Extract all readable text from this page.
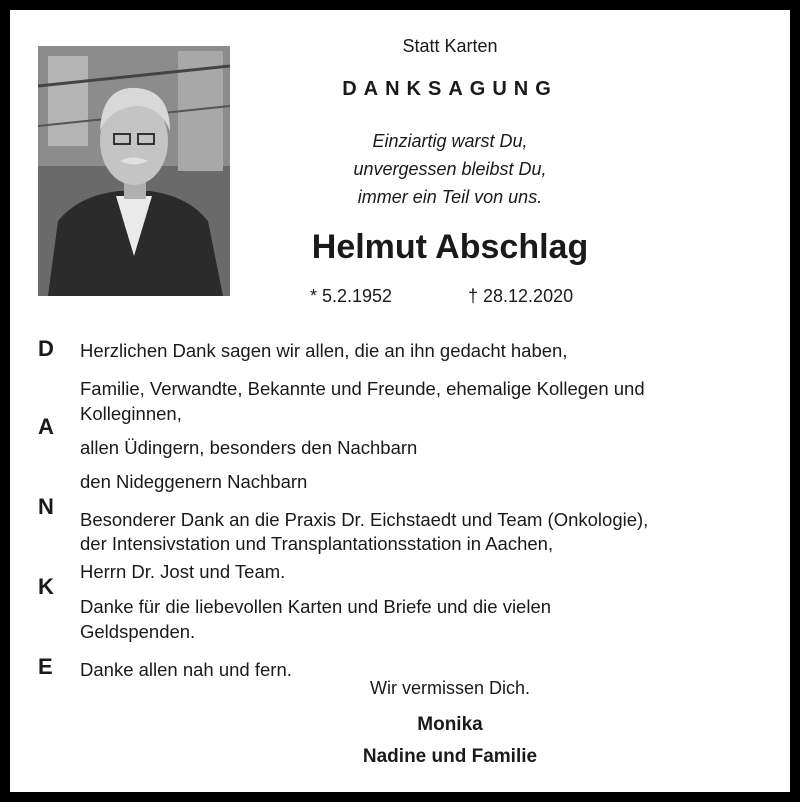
Statt Karten
DANKSAGUNG
Einziartig warst Du,
unvergessen bleibst Du,
immer ein Teil von uns.
Helmut Abschlag
* 5.2.1952	† 28.12.2020
D
A
N
K
E
Herzlichen Dank sagen wir allen, die an ihn gedacht haben,
Familie, Verwandte, Bekannte und Freunde, ehemalige Kollegen und
Kolleginnen,
allen Üdingern, besonders den Nachbarn
den Nideggenern Nachbarn
Besonderer Dank an die Praxis Dr. Eichstaedt und Team (Onkologie),
der Intensivstation und Transplantationsstation in Aachen,
Herrn Dr. Jost und Team.
Danke für die liebevollen Karten und Briefe und die vielen
Geldspenden.
Danke allen nah und fern.
Wir vermissen Dich.
Monika
Nadine und Familie
